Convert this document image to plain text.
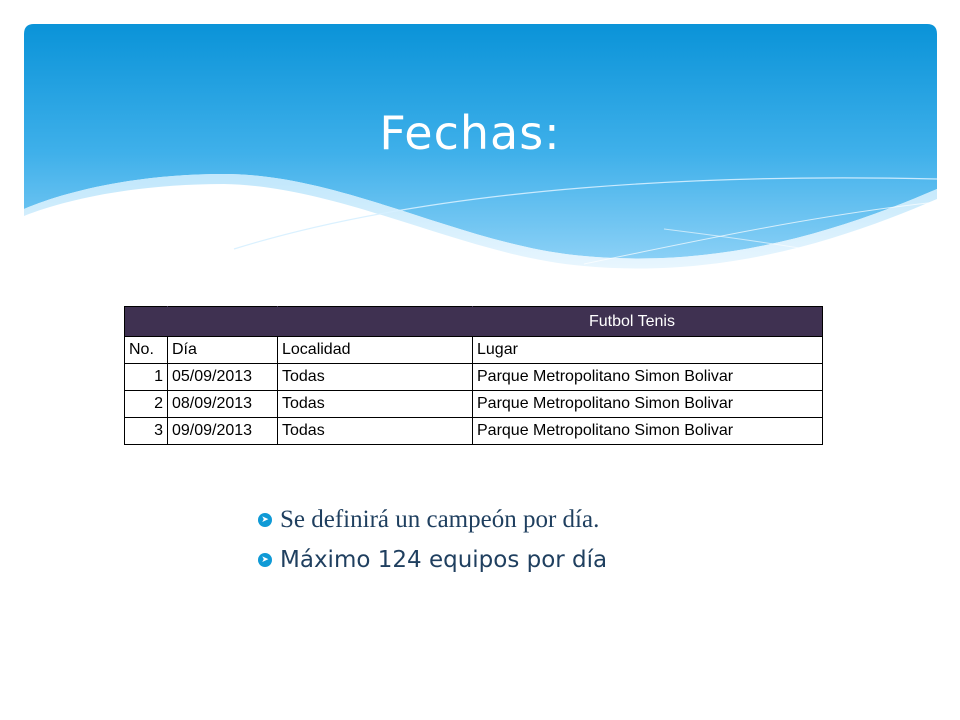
Fechas:
			Futbol Tenis
No.	Día	Localidad	Lugar
1	05/09/2013	Todas	Parque Metropolitano Simon Bolivar
2	08/09/2013	Todas	Parque Metropolitano Simon Bolivar
3	09/09/2013	Todas	Parque Metropolitano Simon Bolivar
➤ Se definirá un campeón por día.
➤ Máximo 124 equipos por día
